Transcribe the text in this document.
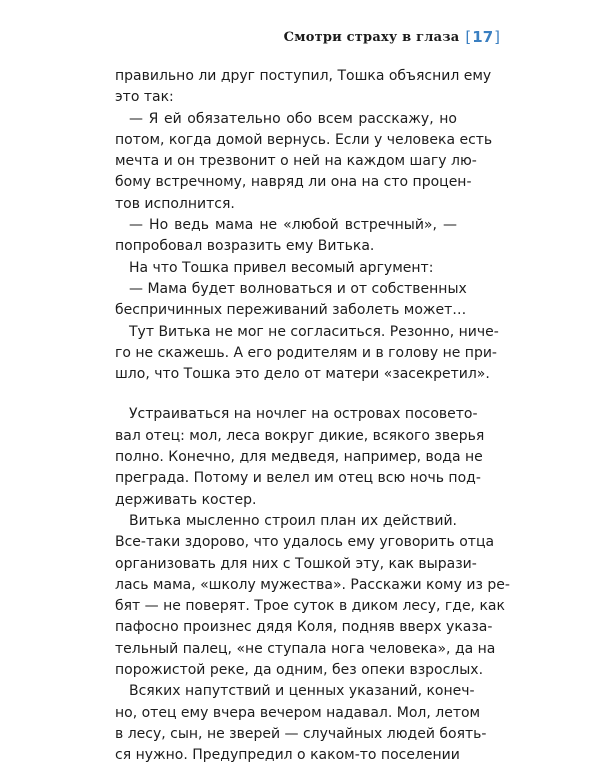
Смотри страху в глаза [ 17 ]
правильно ли друг поступил, Тошка объяснил ему
это так:
— Я ей обязательно обо всем расскажу, но
потом, когда домой вернусь. Если у человека есть
мечта и он трезвонит о ней на каждом шагу лю-
бому встречному, навряд ли она на сто процен-
тов исполнится.
— Но ведь мама не «любой встречный», —
попробовал возразить ему Витька.
На что Тошка привел весомый аргумент:
— Мама будет волноваться и от собственных
беспричинных переживаний заболеть может…
Тут Витька не мог не согласиться. Резонно, ниче-
го не скажешь. А его родителям и в голову не при-
шло, что Тошка это дело от матери «засекретил».
Устраиваться на ночлег на островах посовето-
вал отец: мол, леса вокруг дикие, всякого зверья
полно. Конечно, для медведя, например, вода не
преграда. Потому и велел им отец всю ночь под-
держивать костер.
Витька мысленно строил план их действий.
Все-таки здорово, что удалось ему уговорить отца
организовать для них с Тошкой эту, как вырази-
лась мама, «школу мужества». Расскажи кому из ре-
бят — не поверят. Трое суток в диком лесу, где, как
пафосно произнес дядя Коля, подняв вверх указа-
тельный палец, «не ступала нога человека», да на
порожистой реке, да одним, без опеки взрослых.
Всяких напутствий и ценных указаний, конеч-
но, отец ему вчера вечером надавал. Мол, летом
в лесу, сын, не зверей — случайных людей боять-
ся нужно. Предупредил о каком-то поселении
